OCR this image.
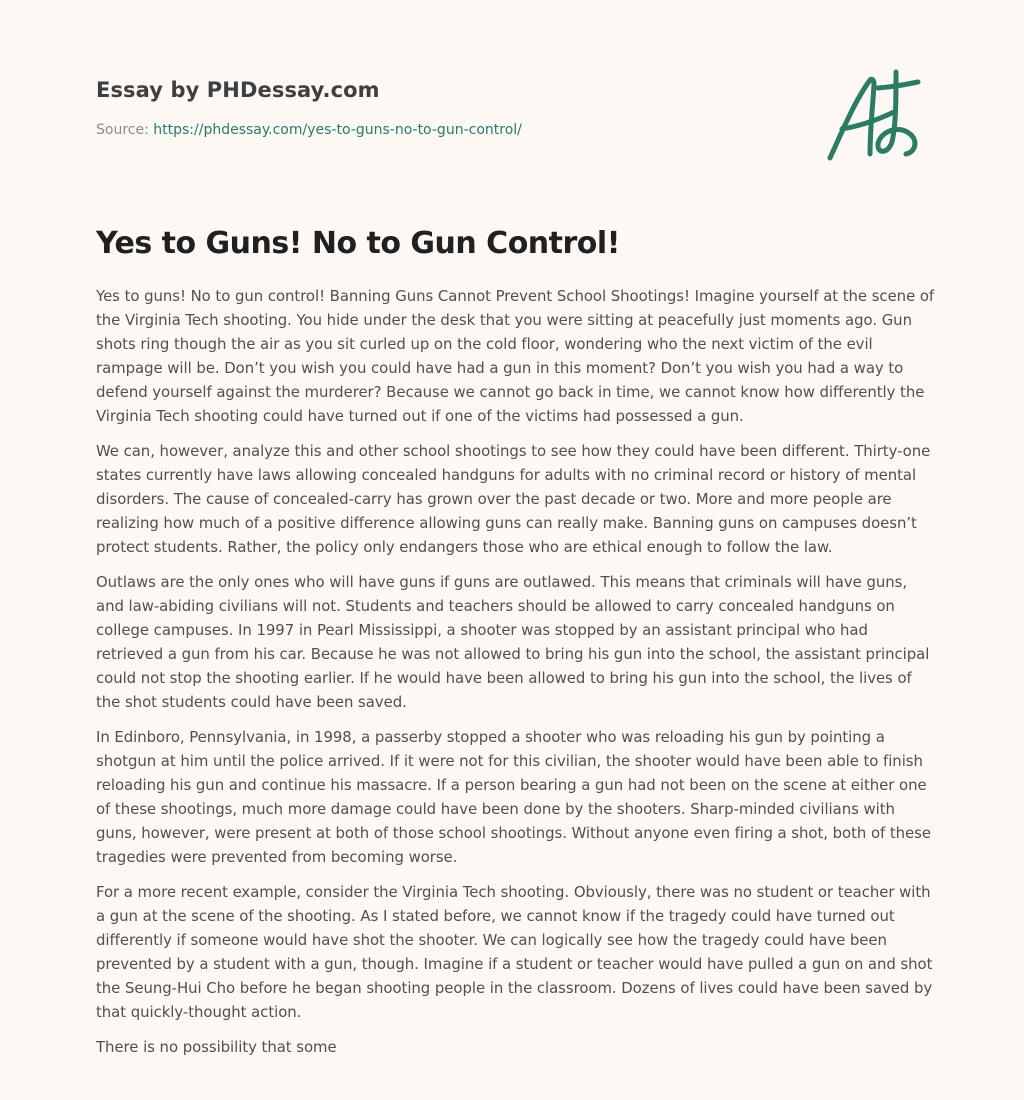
Essay by PHDessay.com
Source: https://phdessay.com/yes-to-guns-no-to-gun-control/
Yes to Guns! No to Gun Control!

Yes to guns! No to gun control! Banning Guns Cannot Prevent School Shootings! Imagine yourself at the scene of the Virginia Tech shooting. You hide under the desk that you were sitting at peacefully just moments ago. Gun shots ring though the air as you sit curled up on the cold floor, wondering who the next victim of the evil rampage will be. Don’t you wish you could have had a gun in this moment? Don’t you wish you had a way to defend yourself against the murderer? Because we cannot go back in time, we cannot know how differently the Virginia Tech shooting could have turned out if one of the victims had possessed a gun.

We can, however, analyze this and other school shootings to see how they could have been different. Thirty-one states currently have laws allowing concealed handguns for adults with no criminal record or history of mental disorders. The cause of concealed-carry has grown over the past decade or two. More and more people are realizing how much of a positive difference allowing guns can really make. Banning guns on campuses doesn’t protect students. Rather, the policy only endangers those who are ethical enough to follow the law.

Outlaws are the only ones who will have guns if guns are outlawed. This means that criminals will have guns, and law-abiding civilians will not. Students and teachers should be allowed to carry concealed handguns on college campuses. In 1997 in Pearl Mississippi, a shooter was stopped by an assistant principal who had retrieved a gun from his car. Because he was not allowed to bring his gun into the school, the assistant principal could not stop the shooting earlier. If he would have been allowed to bring his gun into the school, the lives of the shot students could have been saved.

In Edinboro, Pennsylvania, in 1998, a passerby stopped a shooter who was reloading his gun by pointing a shotgun at him until the police arrived. If it were not for this civilian, the shooter would have been able to finish reloading his gun and continue his massacre. If a person bearing a gun had not been on the scene at either one of these shootings, much more damage could have been done by the shooters. Sharp-minded civilians with guns, however, were present at both of those school shootings. Without anyone even firing a shot, both of these tragedies were prevented from becoming worse.

For a more recent example, consider the Virginia Tech shooting. Obviously, there was no student or teacher with a gun at the scene of the shooting. As I stated before, we cannot know if the tragedy could have turned out differently if someone would have shot the shooter. We can logically see how the tragedy could have been prevented by a student with a gun, though. Imagine if a student or teacher would have pulled a gun on and shot the Seung-Hui Cho before he began shooting people in the classroom. Dozens of lives could have been saved by that quickly-thought action.

There is no possibility that some
